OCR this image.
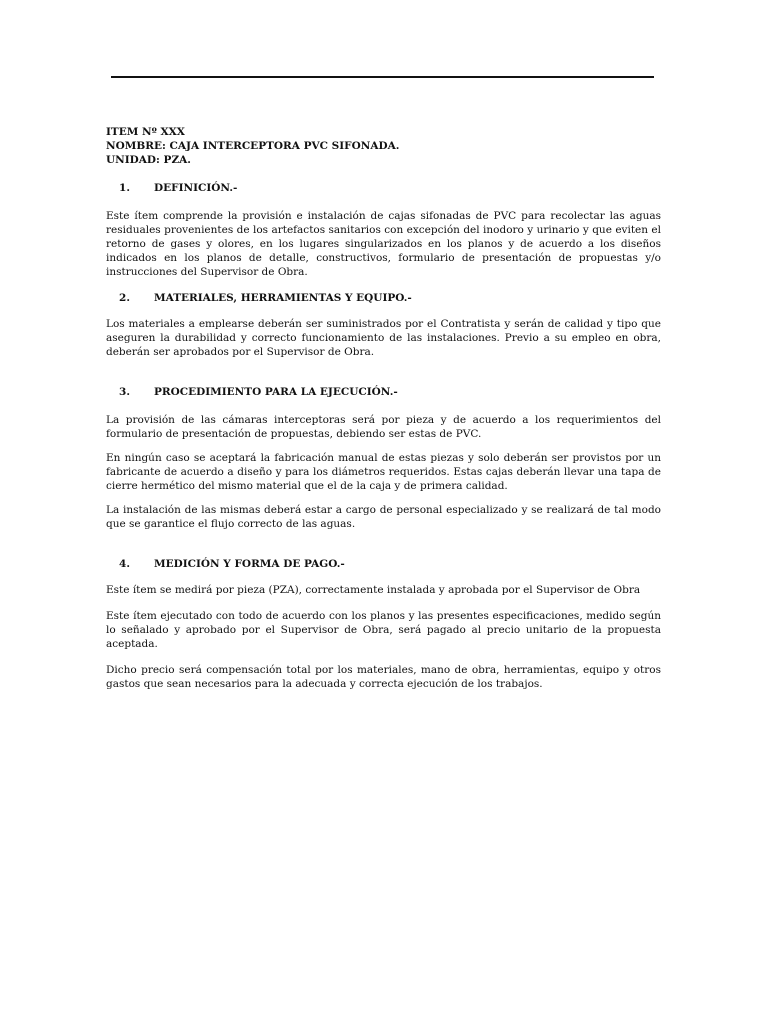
ITEM Nº XXX

NOMBRE: CAJA INTERCEPTORA PVC SIFONADA.

UNIDAD: PZA.

1. DEFINICIÓN.-

Este ítem comprende la provisión e instalación de cajas sifonadas de PVC para recolectar las aguas residuales provenientes de los artefactos sanitarios con excepción del inodoro y urinario y que eviten el retorno de gases y olores, en los lugares singularizados en los planos y de acuerdo a los diseños indicados en los planos de detalle, constructivos, formulario de presentación de propuestas y/o instrucciones del Supervisor de Obra.

2. MATERIALES, HERRAMIENTAS Y EQUIPO.-

Los materiales a emplearse deberán ser suministrados por el Contratista y serán de calidad y tipo que aseguren la durabilidad y correcto funcionamiento de las instalaciones. Previo a su empleo en obra, deberán ser aprobados por el Supervisor de Obra.

3. PROCEDIMIENTO PARA LA EJECUCIÓN.-

La provisión de las cámaras interceptoras será por pieza y de acuerdo a los requerimientos del formulario de presentación de propuestas, debiendo ser estas de PVC.

En ningún caso se aceptará la fabricación manual de estas piezas y solo deberán ser provistos por un fabricante de acuerdo a diseño y para los diámetros requeridos. Estas cajas deberán llevar una tapa de cierre hermético del mismo material que el de la caja y de primera calidad.

La instalación de las mismas deberá estar a cargo de personal especializado y se realizará de tal modo que se garantice el flujo correcto de las aguas.

4. MEDICIÓN Y FORMA DE PAGO.-

Este ítem se medirá por pieza (PZA), correctamente instalada y aprobada por el Supervisor de Obra

Este ítem ejecutado con todo de acuerdo con los planos y las presentes especificaciones, medido según lo señalado y aprobado por el Supervisor de Obra, será pagado al precio unitario de la propuesta aceptada.

Dicho precio será compensación total por los materiales, mano de obra, herramientas, equipo y otros gastos que sean necesarios para la adecuada y correcta ejecución de los trabajos.
